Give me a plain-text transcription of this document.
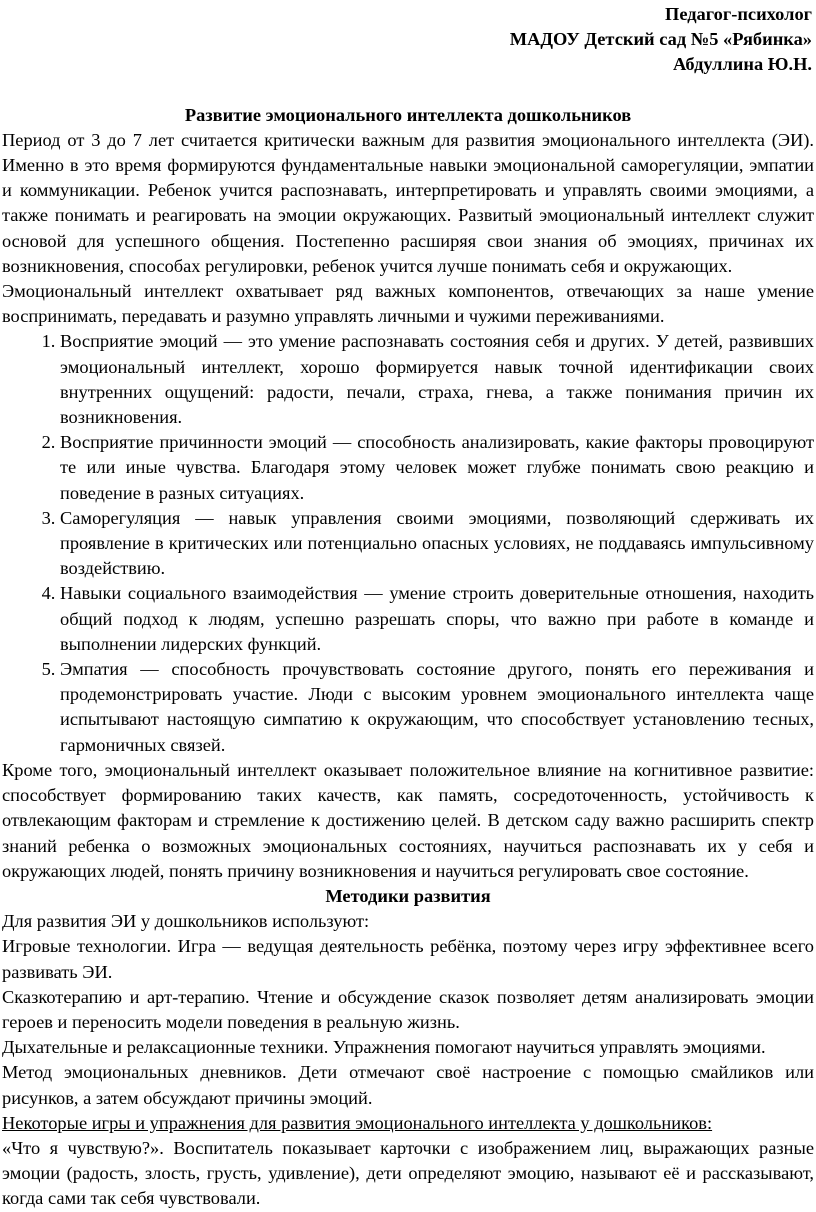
Педагог-психолог
МАДОУ Детский сад №5 «Рябинка»
Абдуллина Ю.Н.
Развитие эмоционального интеллекта дошкольников

Период от 3 до 7 лет считается критически важным для развития эмоционального интеллекта (ЭИ). Именно в это время формируются фундаментальные навыки эмоциональной саморегуляции, эмпатии и коммуникации. Ребенок учится распознавать, интерпретировать и управлять своими эмоциями, а также понимать и реагировать на эмоции окружающих. Развитый эмоциональный интеллект служит основой для успешного общения. Постепенно расширяя свои знания об эмоциях, причинах их возникновения, способах регулировки, ребенок учится лучше понимать себя и окружающих.

Эмоциональный интеллект охватывает ряд важных компонентов, отвечающих за наше умение воспринимать, передавать и разумно управлять личными и чужими переживаниями.

1. Восприятие эмоций — это умение распознавать состояния себя и других. У детей, развивших эмоциональный интеллект, хорошо формируется навык точной идентификации своих внутренних ощущений: радости, печали, страха, гнева, а также понимания причин их возникновения.
2. Восприятие причинности эмоций — способность анализировать, какие факторы провоцируют те или иные чувства. Благодаря этому человек может глубже понимать свою реакцию и поведение в разных ситуациях.
3. Саморегуляция — навык управления своими эмоциями, позволяющий сдерживать их проявление в критических или потенциально опасных условиях, не поддаваясь импульсивному воздействию.
4. Навыки социального взаимодействия — умение строить доверительные отношения, находить общий подход к людям, успешно разрешать споры, что важно при работе в команде и выполнении лидерских функций.
5. Эмпатия — способность прочувствовать состояние другого, понять его переживания и продемонстрировать участие. Люди с высоким уровнем эмоционального интеллекта чаще испытывают настоящую симпатию к окружающим, что способствует установлению тесных, гармоничных связей.

Кроме того, эмоциональный интеллект оказывает положительное влияние на когнитивное развитие: способствует формированию таких качеств, как память, сосредоточенность, устойчивость к отвлекающим факторам и стремление к достижению целей. В детском саду важно расширить спектр знаний ребенка о возможных эмоциональных состояниях, научиться распознавать их у себя и окружающих людей, понять причину возникновения и научиться регулировать свое состояние.

Методики развития

Для развития ЭИ у дошкольников используют:

Игровые технологии. Игра — ведущая деятельность ребёнка, поэтому через игру эффективнее всего развивать ЭИ.

Сказкотерапию и арт-терапию. Чтение и обсуждение сказок позволяет детям анализировать эмоции героев и переносить модели поведения в реальную жизнь.

Дыхательные и релаксационные техники. Упражнения помогают научиться управлять эмоциями.

Метод эмоциональных дневников. Дети отмечают своё настроение с помощью смайликов или рисунков, а затем обсуждают причины эмоций.

Некоторые игры и упражнения для развития эмоционального интеллекта у дошкольников:

«Что я чувствую?». Воспитатель показывает карточки с изображением лиц, выражающих разные эмоции (радость, злость, грусть, удивление), дети определяют эмоцию, называют её и рассказывают, когда сами так себя чувствовали.
